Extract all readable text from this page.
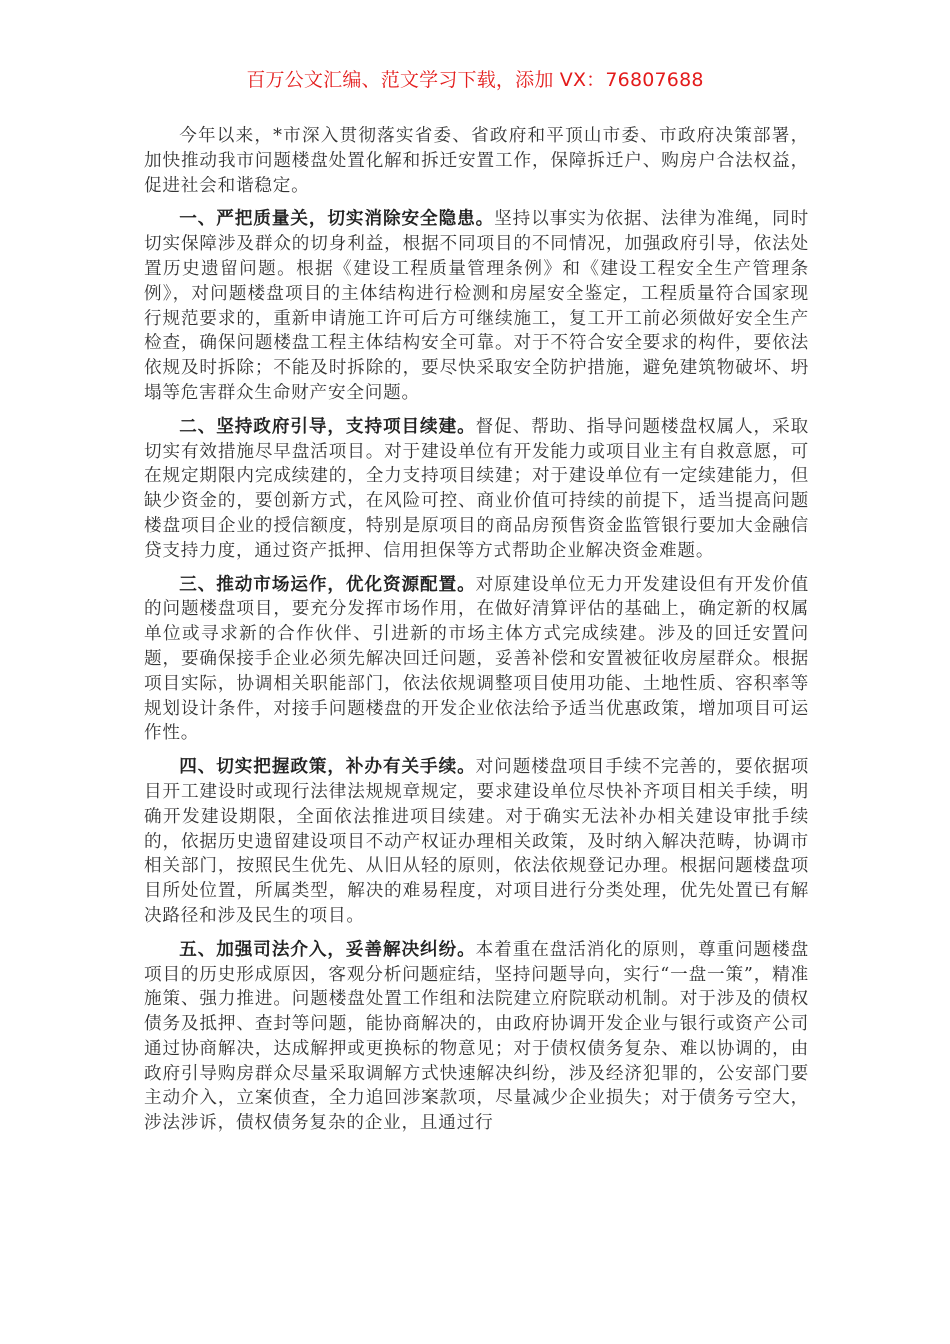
百万公文汇编、范文学习下载，添加 VX：76807688

今年以来，*市深入贯彻落实省委、省政府和平顶山市委、市政府决策部署，加快推动我市问题楼盘处置化解和拆迁安置工作，保障拆迁户、购房户合法权益，促进社会和谐稳定。

一、严把质量关，切实消除安全隐患。坚持以事实为依据、法律为准绳，同时切实保障涉及群众的切身利益，根据不同项目的不同情况，加强政府引导，依法处置历史遗留问题。根据《建设工程质量管理条例》和《建设工程安全生产管理条例》，对问题楼盘项目的主体结构进行检测和房屋安全鉴定，工程质量符合国家现行规范要求的，重新申请施工许可后方可继续施工，复工开工前必须做好安全生产检查，确保问题楼盘工程主体结构安全可靠。对于不符合安全要求的构件，要依法依规及时拆除；不能及时拆除的，要尽快采取安全防护措施，避免建筑物破坏、坍塌等危害群众生命财产安全问题。

二、坚持政府引导，支持项目续建。督促、帮助、指导问题楼盘权属人，采取切实有效措施尽早盘活项目。对于建设单位有开发能力或项目业主有自救意愿，可在规定期限内完成续建的，全力支持项目续建；对于建设单位有一定续建能力，但缺少资金的，要创新方式，在风险可控、商业价值可持续的前提下，适当提高问题楼盘项目企业的授信额度，特别是原项目的商品房预售资金监管银行要加大金融信贷支持力度，通过资产抵押、信用担保等方式帮助企业解决资金难题。

三、推动市场运作，优化资源配置。对原建设单位无力开发建设但有开发价值的问题楼盘项目，要充分发挥市场作用，在做好清算评估的基础上，确定新的权属单位或寻求新的合作伙伴、引进新的市场主体方式完成续建。涉及的回迁安置问题，要确保接手企业必须先解决回迁问题，妥善补偿和安置被征收房屋群众。根据项目实际，协调相关职能部门，依法依规调整项目使用功能、土地性质、容积率等规划设计条件，对接手问题楼盘的开发企业依法给予适当优惠政策，增加项目可运作性。

四、切实把握政策，补办有关手续。对问题楼盘项目手续不完善的，要依据项目开工建设时或现行法律法规规章规定，要求建设单位尽快补齐项目相关手续，明确开发建设期限，全面依法推进项目续建。对于确实无法补办相关建设审批手续的，依据历史遗留建设项目不动产权证办理相关政策，及时纳入解决范畴，协调市相关部门，按照民生优先、从旧从轻的原则，依法依规登记办理。根据问题楼盘项目所处位置，所属类型，解决的难易程度，对项目进行分类处理，优先处置已有解决路径和涉及民生的项目。

五、加强司法介入，妥善解决纠纷。本着重在盘活消化的原则，尊重问题楼盘项目的历史形成原因，客观分析问题症结，坚持问题导向，实行“一盘一策”，精准施策、强力推进。问题楼盘处置工作组和法院建立府院联动机制。对于涉及的债权债务及抵押、查封等问题，能协商解决的，由政府协调开发企业与银行或资产公司通过协商解决，达成解押或更换标的物意见；对于债权债务复杂、难以协调的，由政府引导购房群众尽量采取调解方式快速解决纠纷，涉及经济犯罪的，公安部门要主动介入，立案侦查，全力追回涉案款项，尽量减少企业损失；对于债务亏空大，涉法涉诉，债权债务复杂的企业，且通过行
